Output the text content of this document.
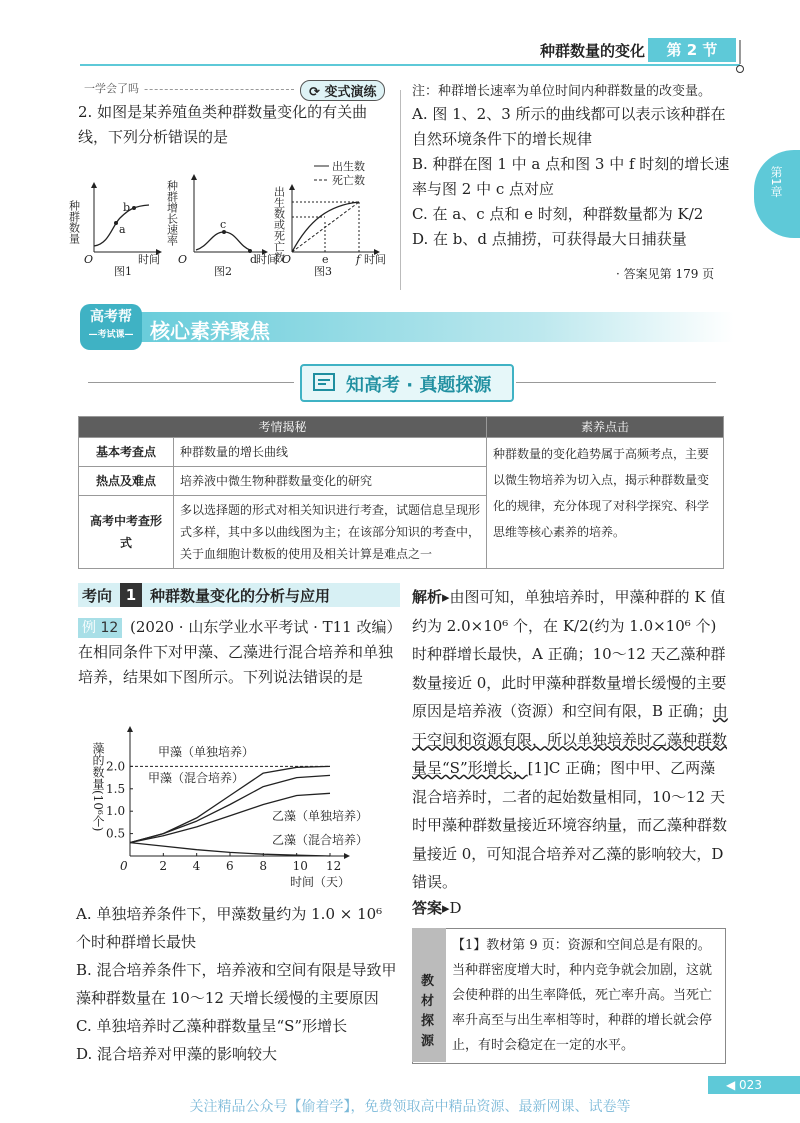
种群数量的变化	第 2 节
第1章
一学会了吗	⟳ 变式演练
2. 如图是某养殖鱼类种群数量变化的有关曲线，下列分析错误的是
a
b
种群数量
O	时间
图1
c
d
种群增长速率
O	时间
图2
e f
出生数
死亡数
出生数或死亡数
O	时间
图3
注：种群增长速率为单位时间内种群数量的改变量。
A. 图 1、2、3 所示的曲线都可以表示该种群在自然环境条件下的增长规律
B. 种群在图 1 中 a 点和图 3 中 f 时刻的增长速率与图 2 中 c 点对应
C. 在 a、c 点和 e 时刻，种群数量都为 K/2
D. 在 b、d 点捕捞，可获得最大日捕获量
· 答案见第 179 页
高考帮
—考试课— 核心素养聚焦
知高考 · 真题探源
考情揭秘		素养点击
基本考查点	种群数量的增长曲线	种群数量的变化趋势属于高频考点，主要以微生物培养为切入点，揭示种群数量变化的规律，充分体现了对科学探究、科学思维等核心素养的培养。
热点及难点	培养液中微生物种群数量变化的研究	
高考中考查形式	多以选择题的形式对相关知识进行考查，试题信息呈现形式多样，其中多以曲线图为主；在该部分知识的考查中，关于血细胞计数板的使用及相关计算是难点之一	
考向 1 种群数量变化的分析与应用
例 12 (2020 · 山东学业水平考试 · T11 改编）在相同条件下对甲藻、乙藻进行混合培养和单独培养，结果如下图所示。下列说法错误的是
2 4 6 8 10 12
0.5
1.0
1.5
2.0
甲藻（单独培养）
甲藻（混合培养）
乙藻（单独培养）
乙藻（混合培养）
时间（天）
藻的数量(10⁶个)
0
A. 单独培养条件下，甲藻数量约为 1.0 × 10⁶ 个时种群增长最快
B. 混合培养条件下，培养液和空间有限是导致甲藻种群数量在 10～12 天增长缓慢的主要原因
C. 单独培养时乙藻种群数量呈“S”形增长
D. 混合培养对甲藻的影响较大
解析▸由图可知，单独培养时，甲藻种群的 K 值约为 2.0×10⁶ 个，在 K/2(约为 1.0×10⁶ 个)时种群增长最快，A 正确；10～12 天乙藻种群数量接近 0，此时甲藻种群数量增长缓慢的主要原因是培养液（资源）和空间有限，B 正确；由于空间和资源有限，所以单独培养时乙藻种群数量呈“S”形增长，[1]C 正确；图中甲、乙两藻混合培养时，二者的起始数量相同，10～12 天时甲藻种群数量接近环境容纳量，而乙藻种群数量接近 0，可知混合培养对乙藻的影响较大，D 错误。
答案▸D
教材探源
【1】教材第 9 页：资源和空间总是有限的。当种群密度增大时，种内竞争就会加剧，这就会使种群的出生率降低，死亡率升高。当死亡率升高至与出生率相等时，种群的增长就会停止，有时会稳定在一定的水平。
◀ 023
关注精品公众号【偷着学】，免费领取高中精品资源、最新网课、试卷等
